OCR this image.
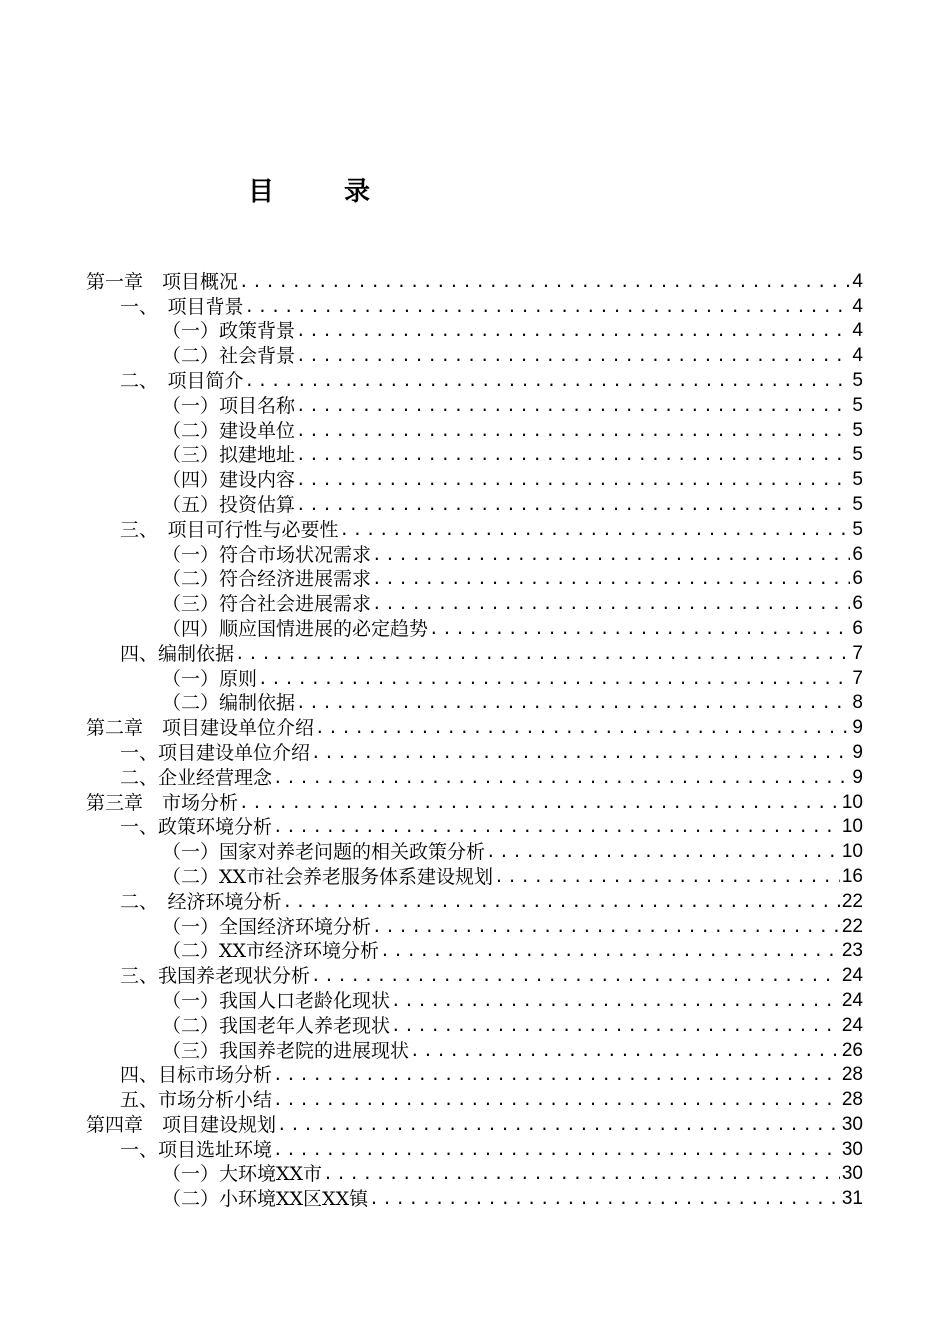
目　录
第一章　项目概况 .....	4
一、　项目背景 .....	4
（一）政策背景 .....	4
（二）社会背景 .....	4
二、　项目简介 .....	5
（一）项目名称 .....	5
（二）建设单位 .....	5
（三）拟建地址 .....	5
（四）建设内容 .....	5
（五）投资估算 .....	5
三、　项目可行性与必要性 .....	5
（一）符合市场状况需求 .....	6
（二）符合经济进展需求 .....	6
（三）符合社会进展需求 .....	6
（四）顺应国情进展的必定趋势 .....	6
四、编制依据 .....	7
（一）原则 .....	7
（二）编制依据 .....	8
第二章　项目建设单位介绍 .....	9
一、项目建设单位介绍 .....	9
二、企业经营理念 .....	9
第三章　市场分析 .....	10
一、政策环境分析 .....	10
（一）国家对养老问题的相关政策分析 .....	10
（二）XX市社会养老服务体系建设规划 .....	16
二、　经济环境分析 .....	22
（一）全国经济环境分析 .....	22
（二）XX市经济环境分析 .....	23
三、我国养老现状分析 .....	24
（一）我国人口老龄化现状 .....	24
（二）我国老年人养老现状 .....	24
（三）我国养老院的进展现状 .....	26
四、目标市场分析 .....	28
五、市场分析小结 .....	28
第四章　项目建设规划 .....	30
一、项目选址环境 .....	30
（一）大环境XX市 .....	30
（二）小环境XX区XX镇 .....	31
